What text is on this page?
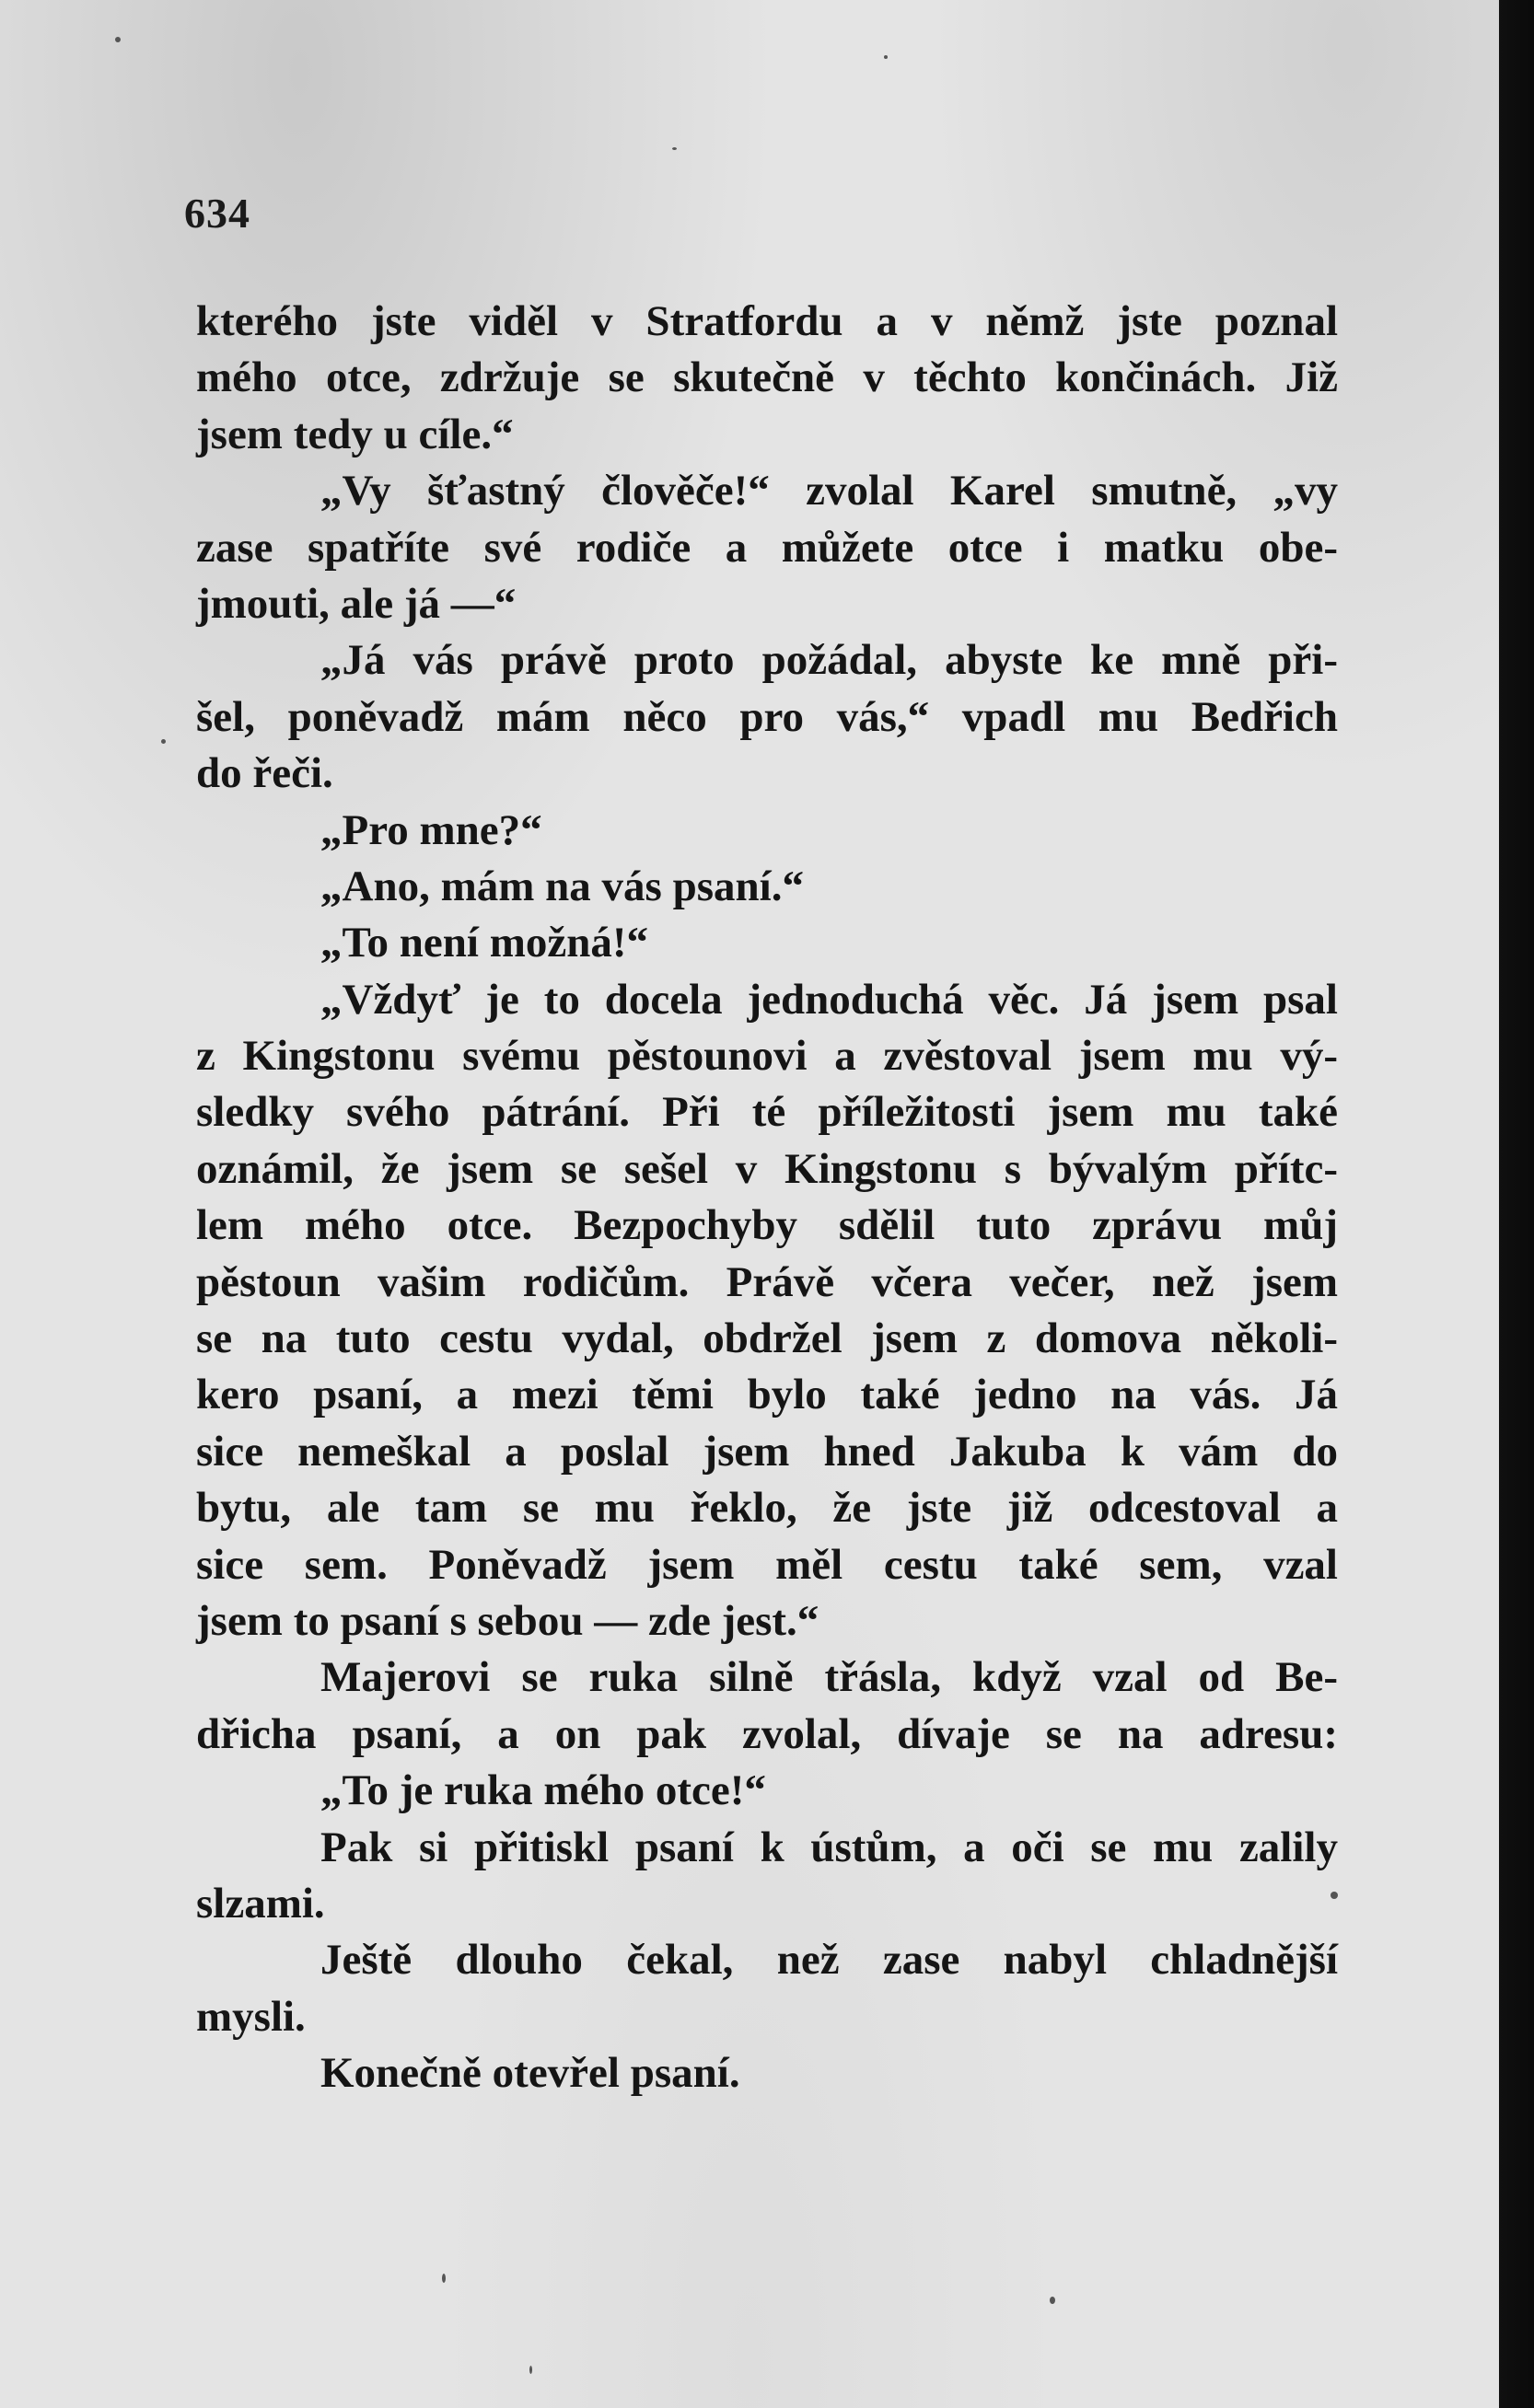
634
kterého jste viděl v Stratfordu a v němž jste poznal
mého otce, zdržuje se skutečně v těchto končinách. Již
jsem tedy u cíle.“
„Vy šťastný člověče!“ zvolal Karel smutně, „vy
zase spatříte své rodiče a můžete otce i matku obe-
jmouti, ale já —“
„Já vás právě proto požádal, abyste ke mně při-
šel, poněvadž mám něco pro vás,“ vpadl mu Bedřich
do řeči.
„Pro mne?“
„Ano, mám na vás psaní.“
„To není možná!“
„Vždyť je to docela jednoduchá věc. Já jsem psal
z Kingstonu svému pěstounovi a zvěstoval jsem mu vý-
sledky svého pátrání. Při té příležitosti jsem mu také
oznámil, že jsem se sešel v Kingstonu s bývalým přítc-
lem mého otce. Bezpochyby sdělil tuto zprávu můj
pěstoun vašim rodičům. Právě včera večer, než jsem
se na tuto cestu vydal, obdržel jsem z domova několi-
kero psaní, a mezi těmi bylo také jedno na vás. Já
sice nemeškal a poslal jsem hned Jakuba k vám do
bytu, ale tam se mu řeklo, že jste již odcestoval a
sice sem. Poněvadž jsem měl cestu také sem, vzal
jsem to psaní s sebou — zde jest.“
Majerovi se ruka silně třásla, když vzal od Be-
dřicha psaní, a on pak zvolal, dívaje se na adresu:
„To je ruka mého otce!“
Pak si přitiskl psaní k ústům, a oči se mu zalily
slzami.
Ještě dlouho čekal, než zase nabyl chladnější
mysli.
Konečně otevřel psaní.
